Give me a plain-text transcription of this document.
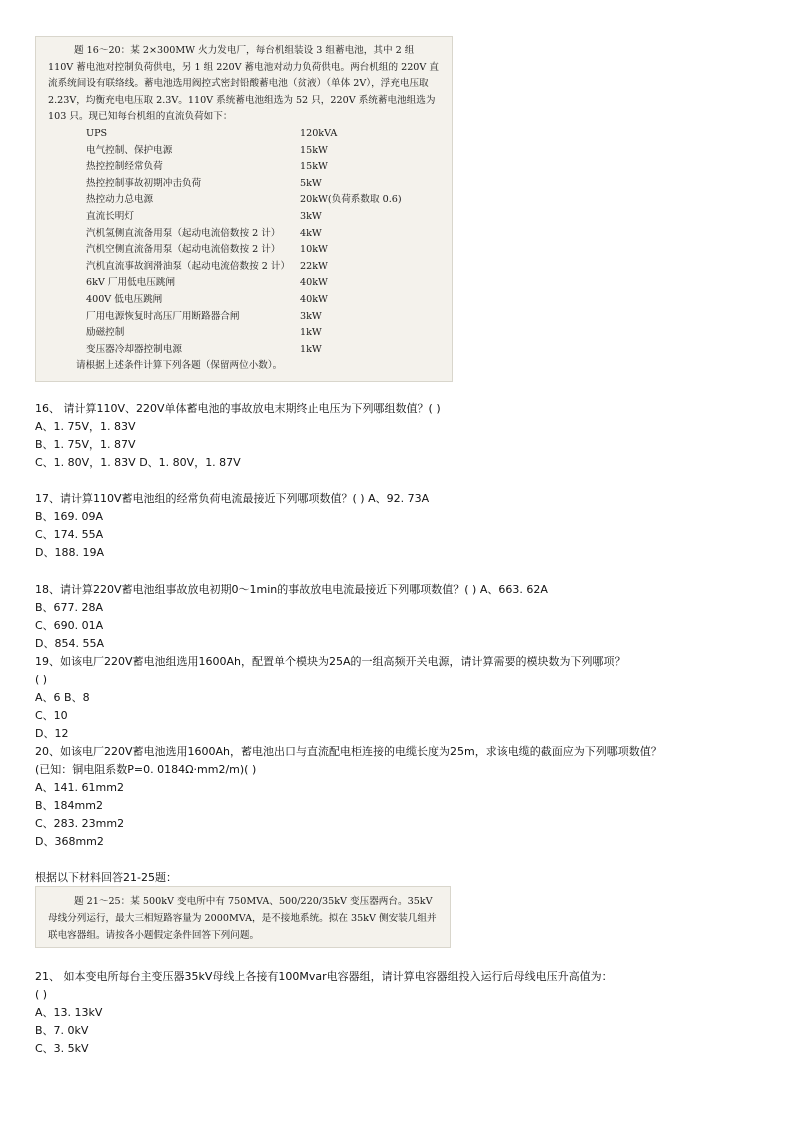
题 16～20：某 2×300MW 火力发电厂，每台机组装设 3 组蓄电池，其中 2 组 110V 蓄电池对控制负荷供电，另 1 组 220V 蓄电池对动力负荷供电。两台机组的 220V 直流系统间设有联络线。蓄电池选用阀控式密封铅酸蓄电池（贫液）（单体 2V），浮充电压取 2.23V，均衡充电电压取 2.3V。110V 系统蓄电池组选为 52 只，220V 系统蓄电池组选为 103 只。现已知每台机组的直流负荷如下：

UPS	120kVA
电气控制、保护电源	15kW
热控控制经常负荷	15kW
热控控制事故初期冲击负荷	5kW
热控动力总电源	20kW(负荷系数取 0.6)
直流长明灯	3kW
汽机氢侧直流备用泵（起动电流倍数按 2 计）	4kW
汽机空侧直流备用泵（起动电流倍数按 2 计）	10kW
汽机直流事故润滑油泵（起动电流倍数按 2 计）	22kW
6kV 厂用低电压跳闸	40kW
400V 低电压跳闸	40kW
厂用电源恢复时高压厂用断路器合闸	3kW
励磁控制	1kW
变压器冷却器控制电源	1kW

请根据上述条件计算下列各题（保留两位小数）。

16、 请计算110V、220V单体蓄电池的事故放电末期终止电压为下列哪组数值？( )

A、1. 75V，1. 83V

B、1. 75V，1. 87V

C、1. 80V，1. 83V D、1. 80V，1. 87V

17、请计算110V蓄电池组的经常负荷电流最接近下列哪项数值？( ) A、92. 73A

B、169. 09A

C、174. 55A

D、188. 19A

18、请计算220V蓄电池组事故放电初期0～1min的事故放电电流最接近下列哪项数值？( ) A、663. 62A

B、677. 28A

C、690. 01A

D、854. 55A

19、如该电厂220V蓄电池组选用1600Ah，配置单个模块为25A的一组高频开关电源，请计算需要的模块数为下列哪项？

( )

A、6 B、8

C、10

D、12

20、如该电厂220V蓄电池选用1600Ah，蓄电池出口与直流配电柜连接的电缆长度为25m，求该电缆的截面应为下列哪项数值？

(已知：铜电阻系数P=0. 0184Ω·mm2/m)( )

A、141. 61mm2

B、184mm2

C、283. 23mm2

D、368mm2

根据以下材料回答21-25题：

题 21～25：某 500kV 变电所中有 750MVA、500/220/35kV 变压器两台。35kV 母线分列运行，最大三相短路容量为 2000MVA，是不接地系统。拟在 35kV 侧安装几组并联电容器组。请按各小题假定条件回答下列问题。

21、 如本变电所每台主变压器35kV母线上各接有100Mvar电容器组，请计算电容器组投入运行后母线电压升高值为：

( )

A、13. 13kV

B、7. 0kV

C、3. 5kV
